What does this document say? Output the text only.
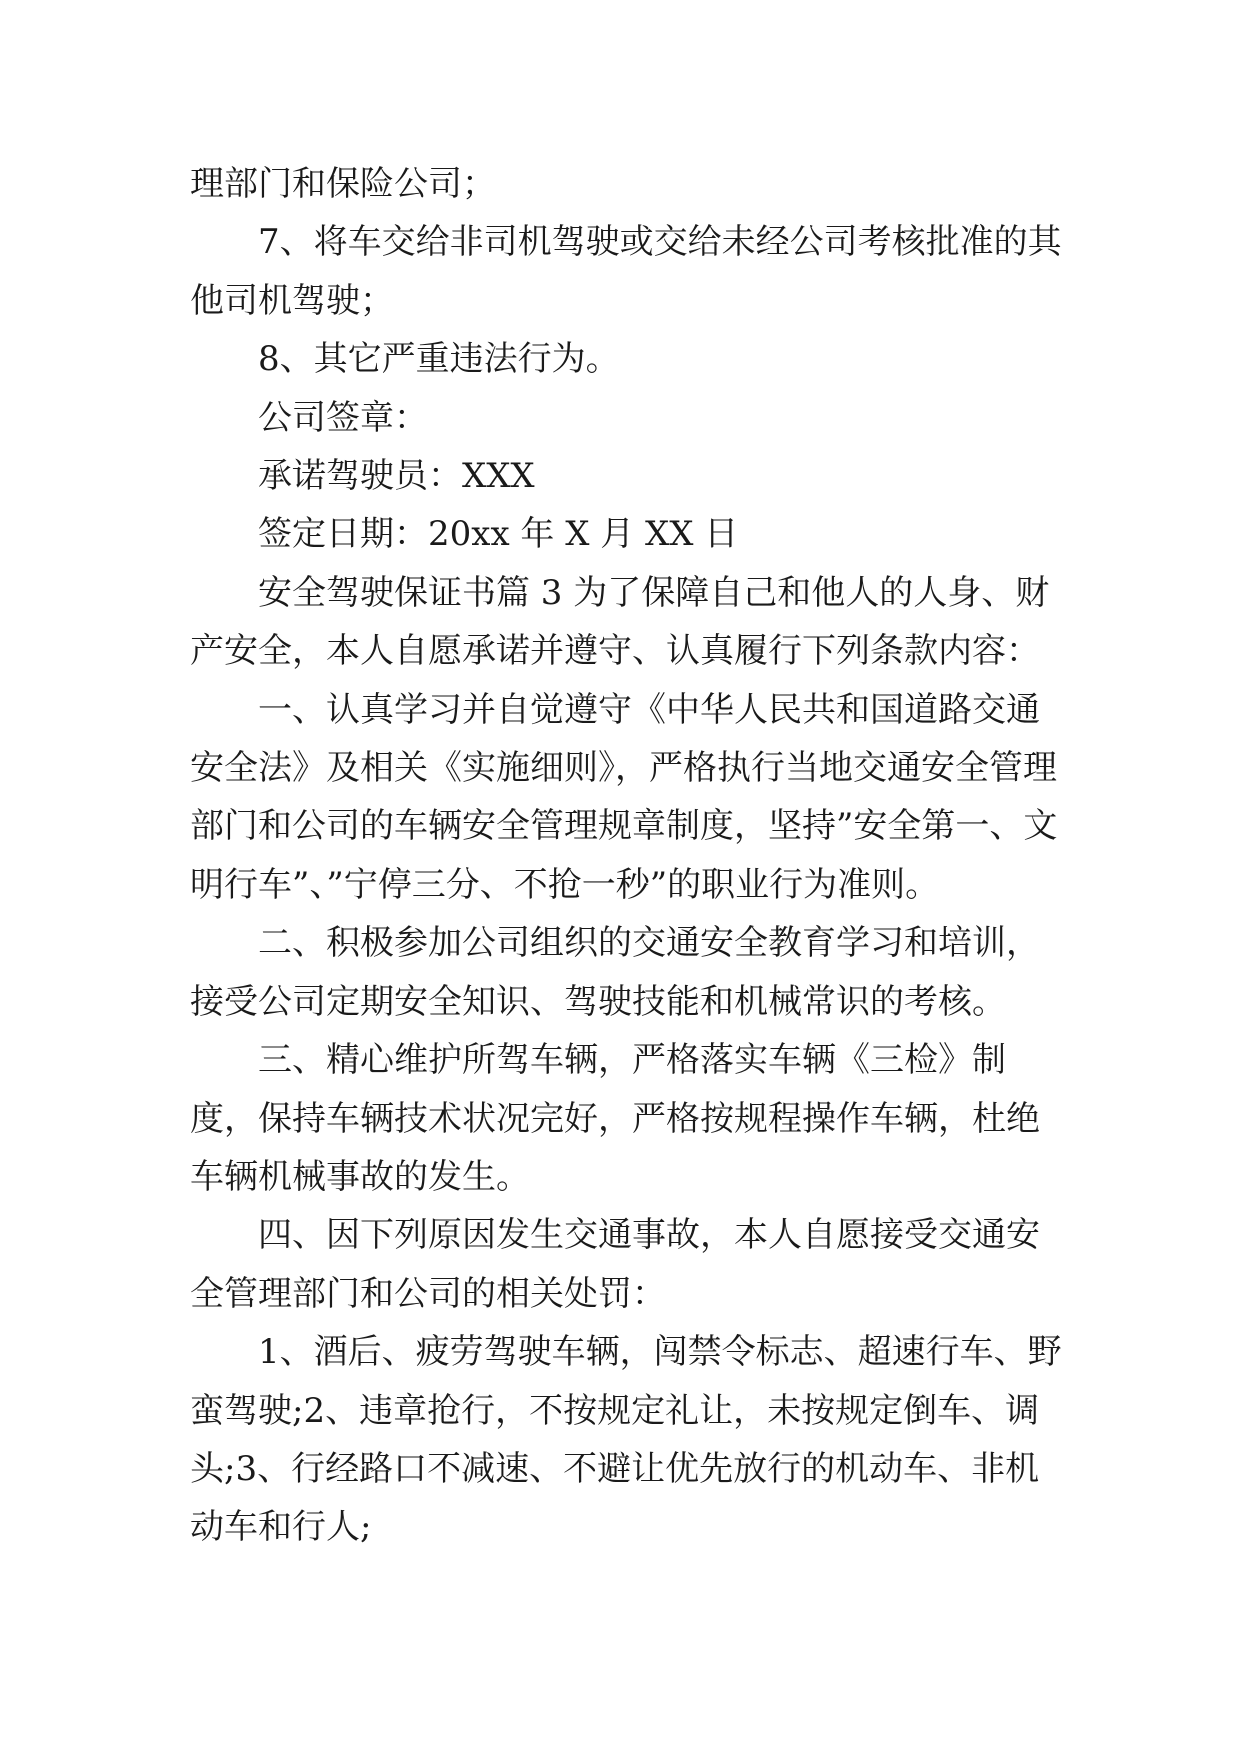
理部门和保险公司；

7、将车交给非司机驾驶或交给未经公司考核批准的其他司机驾驶；

8、其它严重违法行为。

公司签章：

承诺驾驶员：XXX

签定日期：20xx 年 X 月 XX 日

安全驾驶保证书篇 3 为了保障自己和他人的人身、财产安全，本人自愿承诺并遵守、认真履行下列条款内容：

一、认真学习并自觉遵守《中华人民共和国道路交通安全法》及相关《实施细则》，严格执行当地交通安全管理部门和公司的车辆安全管理规章制度，坚持”安全第一、文明行车”、”宁停三分、不抢一秒”的职业行为准则。

二、积极参加公司组织的交通安全教育学习和培训，接受公司定期安全知识、驾驶技能和机械常识的考核。

三、精心维护所驾车辆，严格落实车辆《三检》制度，保持车辆技术状况完好，严格按规程操作车辆，杜绝车辆机械事故的发生。

四、因下列原因发生交通事故，本人自愿接受交通安全管理部门和公司的相关处罚：

1、酒后、疲劳驾驶车辆，闯禁令标志、超速行车、野蛮驾驶;2、违章抢行，不按规定礼让，未按规定倒车、调头;3、行经路口不减速、不避让优先放行的机动车、非机动车和行人;
